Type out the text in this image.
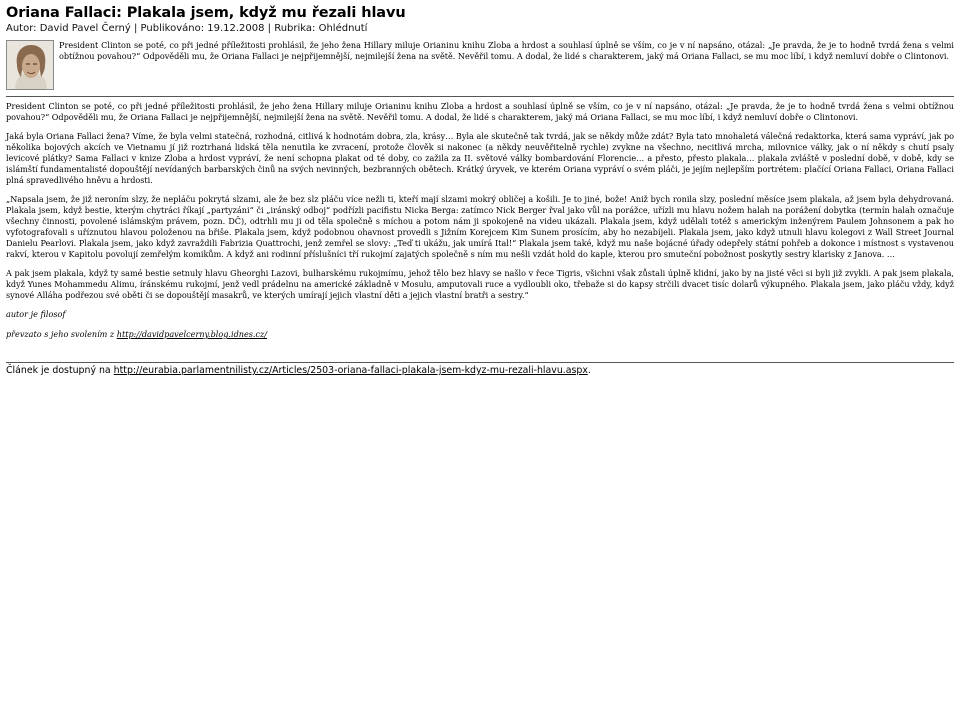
Oriana Fallaci: Plakala jsem, když mu řezali hlavu

Autor: David Pavel Černý | Publikováno: 19.12.2008 | Rubrika: Ohlédnutí

President Clinton se poté, co při jedné příležitosti prohlásil, že jeho žena Hillary miluje Orianinu knihu Zloba a hrdost a souhlasí úplně se vším, co je v ní napsáno, otázal: „Je pravda, že je to hodně tvrdá žena s velmi obtížnou povahou?“ Odpověděli mu, že Oriana Fallaci je nejpřijemnější, nejmilejší žena na světě. Nevěřil tomu. A dodal, že lidé s charakterem, jaký má Oriana Fallaci, se mu moc líbí, i když nemluví dobře o Clintonovi.

President Clinton se poté, co při jedné příležitosti prohlásil, že jeho žena Hillary miluje Orianinu knihu Zloba a hrdost a souhlasí úplně se vším, co je v ní napsáno, otázal: „Je pravda, že je to hodně tvrdá žena s velmi obtížnou povahou?“ Odpověděli mu, že Oriana Fallaci je nejpřijemnější, nejmilejší žena na světě. Nevěřil tomu. A dodal, že lidé s charakterem, jaký má Oriana Fallaci, se mu moc líbí, i když nemluví dobře o Clintonovi.

Jaká byla Oriana Fallaci žena? Víme, že byla velmi statečná, rozhodná, citlivá k hodnotám dobra, zla, krásy… Byla ale skutečně tak tvrdá, jak se někdy může zdát? Byla tato mnohaletá válečná redaktorka, která sama vypráví, jak po několika bojových akcích ve Vietnamu jí již roztrhaná lidská těla nenutila ke zvracení, protože člověk si nakonec (a někdy neuvěřitelně rychle) zvykne na všechno, necitlivá mrcha, milovnice války, jak o ní někdy s chutí psaly levicové plátky? Sama Fallaci v knize Zloba a hrdost vypráví, že není schopna plakat od té doby, co zažila za II. světové války bombardování Florencie… a přesto, přesto plakala… plakala zvláště v poslední době, v době, kdy se islámští fundamentalisté dopouštějí nevídaných barbarských činů na svých nevinných, bezbranných obětech. Krátký úryvek, ve kterém Oriana vypráví o svém pláči, je jejím nejlepším portrétem: plačící Oriana Fallaci, Oriana Fallaci plná spravedlivého hněvu a hrdosti.

„Napsala jsem, že již neroním slzy, že nepláču pokrytá slzami, ale že bez slz pláču více nežli ti, kteří mají slzami mokrý obličej a košili. Je to jiné, bože! Aniž bych ronila slzy, poslední měsíce jsem plakala, až jsem byla dehydrovaná. Plakala jsem, když bestie, kterým chytráci říkají „partyzáni“ či „iránský odboj“ podřízli pacifistu Nicka Berga: zatímco Nick Berger řval jako vůl na porážce, uřízli mu hlavu nožem halah na porážení dobytka (termín halah označuje všechny činnosti, povolené islámským právem, pozn. DČ), odtrhli mu ji od těla společně s míchou a potom nám ji spokojeně na videu ukázali. Plakala jsem, když udělali totéž s americkým inženýrem Paulem Johnsonem a pak ho vyfotografovali s uříznutou hlavou položenou na břiše. Plakala jsem, když podobnou ohavnost provedli s Jižním Korejcem Kim Sunem prosícím, aby ho nezabíjeli. Plakala jsem, jako když utnuli hlavu kolegovi z Wall Street Journal Danielu Pearlovi. Plakala jsem, jako když zavraždili Fabrizia Quattrochi, jenž zemřel se slovy: „Teď ti ukážu, jak umírá Ital!“ Plakala jsem také, když mu naše bojácné úřady odepřely státní pohřeb a dokonce i místnost s vystavenou rakví, kterou v Kapitolu povolují zemřelým komikům. A když ani rodinní příslušníci tří rukojmí zajatých společně s ním mu nešli vzdát hold do kaple, kterou pro smuteční pobožnost poskytly sestry klarisky z Janova. …

A pak jsem plakala, když ty samé bestie setnuly hlavu Gheorghi Lazovi, bulharskému rukojmímu, jehož tělo bez hlavy se našlo v řece Tigris, všichni však zůstali úplně klidní, jako by na jisté věci si byli již zvykli. A pak jsem plakala, když Yunes Mohammedu Alimu, íránskému rukojmí, jenž vedl prádelnu na americké základně v Mosulu, amputovali ruce a vydloubli oko, třebaže si do kapsy strčili dvacet tisíc dolarů výkupného. Plakala jsem, jako pláču vždy, když synové Alláha podřezou své oběti či se dopouštějí masakrů, ve kterých umírají jejich vlastní děti a jejich vlastní bratři a sestry.“

autor je filosof

převzato s jeho svolením z http://davidpavelcerny.blog.idnes.cz/

Článek je dostupný na http://eurabia.parlamentnilisty.cz/Articles/2503-oriana-fallaci-plakala-jsem-kdyz-mu-rezali-hlavu.aspx.
